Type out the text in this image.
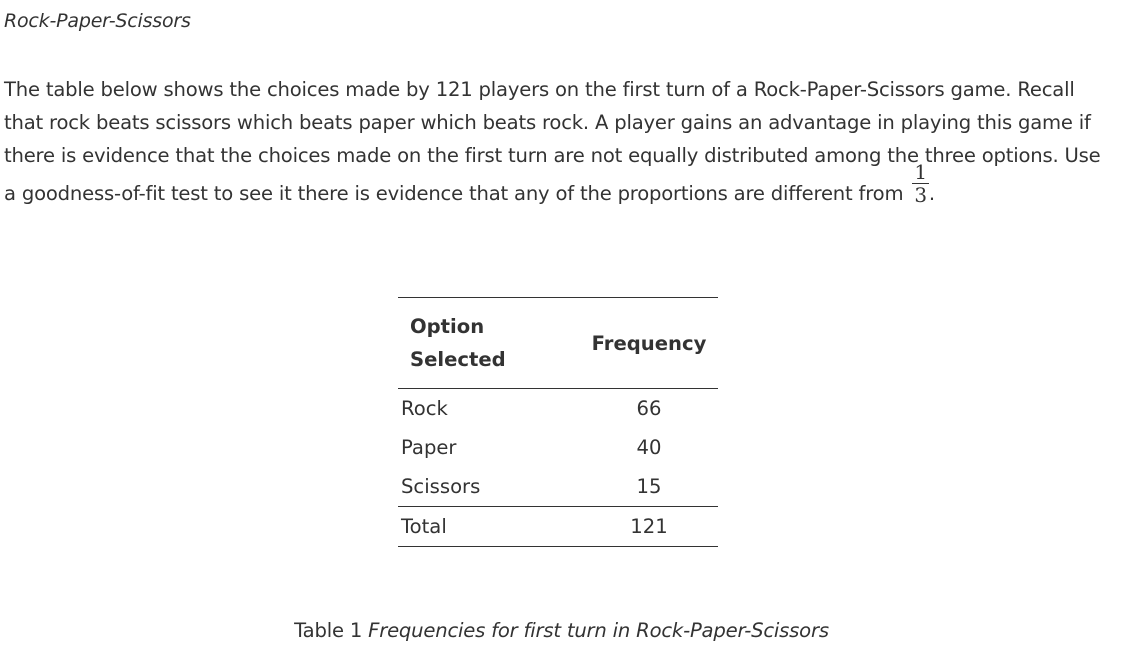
Rock-Paper-Scissors

The table below shows the choices made by 121 players on the first turn of a Rock-Paper-Scissors game. Recall that rock beats scissors which beats paper which beats rock. A player gains an advantage in playing this game if there is evidence that the choices made on the first turn are not equally distributed among the three options. Use a goodness-of-fit test to see it there is evidence that any of the proportions are different from $\frac{1}{3}$ .

Option
Selected	Frequency
Rock	66
Paper	40
Scissors	15
Total	121

Table 1 Frequencies for first turn in Rock-Paper-Scissors
